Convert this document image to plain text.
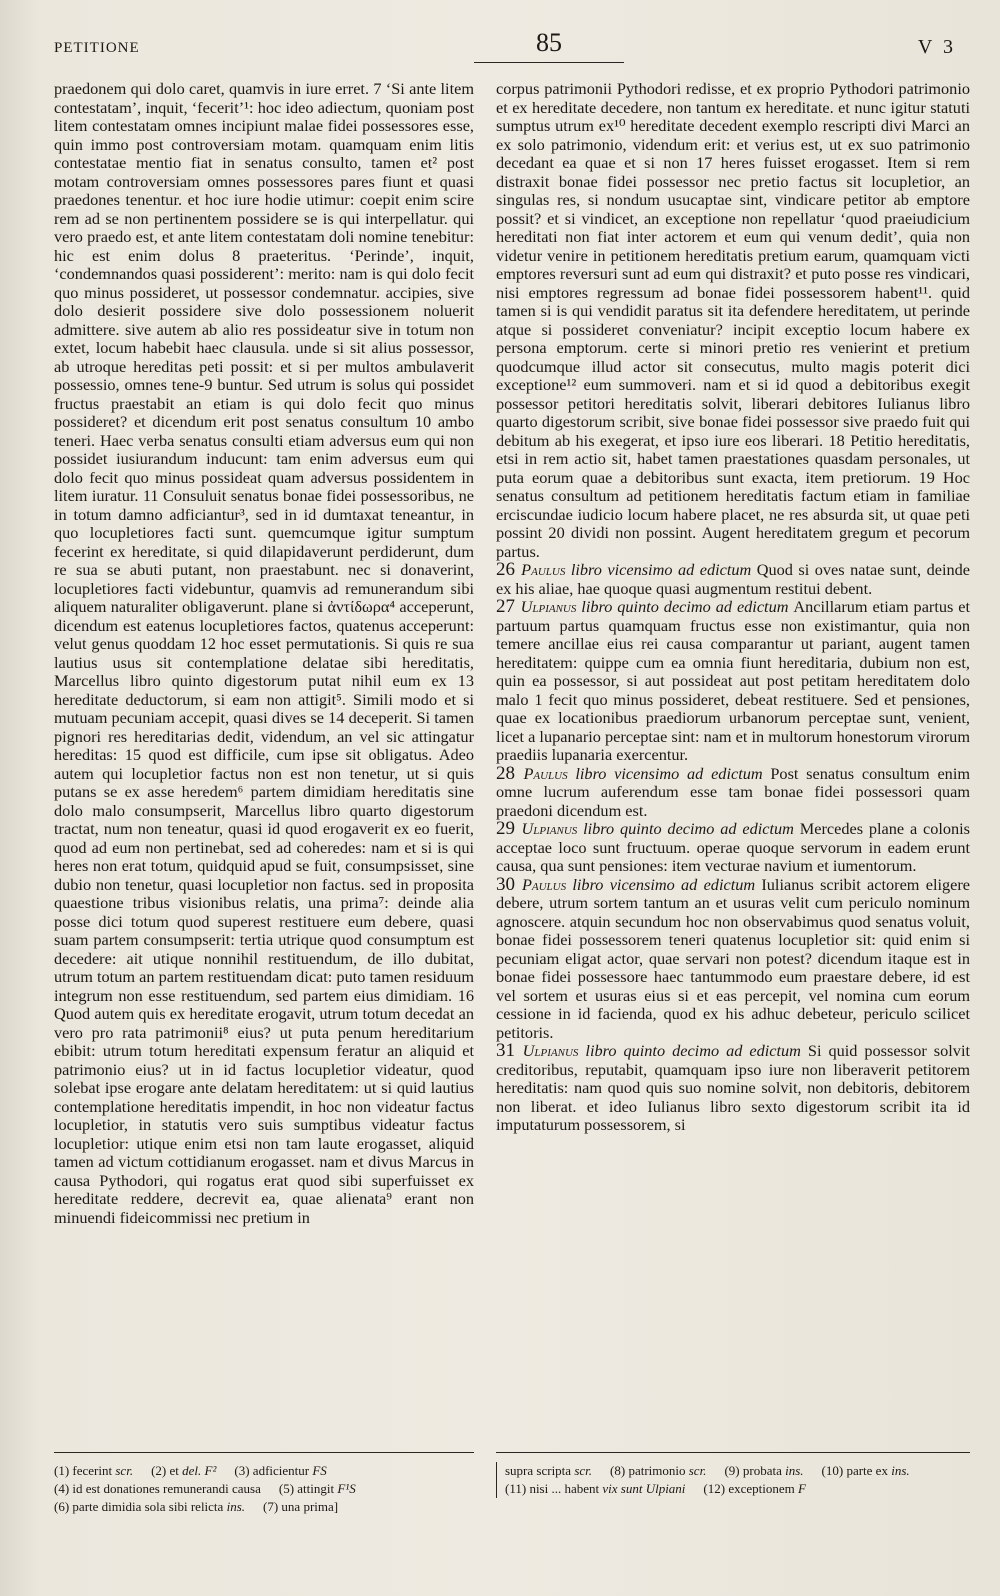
PETITIONE	85	V 3

praedonem qui dolo caret, quamvis in iure erret. 7 ‘Si ante litem contestatam’, inquit, ‘fecerit’¹: hoc ideo adiectum, quoniam post litem contestatam omnes incipiunt malae fidei possessores esse, quin immo post controversiam motam. quamquam enim litis contestatae mentio fiat in senatus consulto, tamen et² post motam controversiam omnes possessores pares fiunt et quasi praedones tenentur. et hoc iure hodie utimur: coepit enim scire rem ad se non pertinentem possidere se is qui interpellatur. qui vero praedo est, et ante litem contestatam doli nomine tenebitur: hic est enim dolus 8 praeteritus. ‘Perinde’, inquit, ‘condemnandos quasi possiderent’: merito: nam is qui dolo fecit quo minus possideret, ut possessor condemnatur. accipies, sive dolo desierit possidere sive dolo possessionem noluerit admittere. sive autem ab alio res possideatur sive in totum non extet, locum habebit haec clausula. unde si sit alius possessor, ab utroque hereditas peti possit: et si per multos ambulaverit possessio, omnes tene-9 buntur. Sed utrum is solus qui possidet fructus praestabit an etiam is qui dolo fecit quo minus possideret? et dicendum erit post senatus consultum 10 ambo teneri. Haec verba senatus consulti etiam adversus eum qui non possidet iusiurandum inducunt: tam enim adversus eum qui dolo fecit quo minus possideat quam adversus possidentem in litem iuratur. 11 Consuluit senatus bonae fidei possessoribus, ne in totum damno adficiantur³, sed in id dumtaxat teneantur, in quo locupletiores facti sunt. quemcumque igitur sumptum fecerint ex hereditate, si quid dilapidaverunt perdiderunt, dum re sua se abuti putant, non praestabunt. nec si donaverint, locupletiores facti videbuntur, quamvis ad remunerandum sibi aliquem naturaliter obligaverunt. plane si ἀντίδωρα⁴ acceperunt, dicendum est eatenus locupletiores factos, quatenus acceperunt: velut genus quoddam 12 hoc esset permutationis. Si quis re sua lautius usus sit contemplatione delatae sibi hereditatis, Marcellus libro quinto digestorum putat nihil eum ex 13 hereditate deductorum, si eam non attigit⁵. Simili modo et si mutuam pecuniam accepit, quasi dives se 14 deceperit. Si tamen pignori res hereditarias dedit, videndum, an vel sic attingatur hereditas: 15 quod est difficile, cum ipse sit obligatus. Adeo autem qui locupletior factus non est non tenetur, ut si quis putans se ex asse heredem⁶ partem dimidiam hereditatis sine dolo malo consumpserit, Marcellus libro quarto digestorum tractat, num non teneatur, quasi id quod erogaverit ex eo fuerit, quod ad eum non pertinebat, sed ad coheredes: nam et si is qui heres non erat totum, quidquid apud se fuit, consumpsisset, sine dubio non tenetur, quasi locupletior non factus. sed in proposita quaestione tribus visionibus relatis, una prima⁷: deinde alia posse dici totum quod superest restituere eum debere, quasi suam partem consumpserit: tertia utrique quod consumptum est decedere: ait utique nonnihil restituendum, de illo dubitat, utrum totum an partem restituendam dicat: puto tamen residuum integrum non esse restituendum, sed partem eius dimidiam. 16 Quod autem quis ex hereditate erogavit, utrum totum decedat an vero pro rata patrimonii⁸ eius? ut puta penum hereditarium ebibit: utrum totum hereditati expensum feratur an aliquid et patrimonio eius? ut in id factus locupletior videatur, quod solebat ipse erogare ante delatam hereditatem: ut si quid lautius contemplatione hereditatis impendit, in hoc non videatur factus locupletior, in statutis vero suis sumptibus videatur factus locupletior: utique enim etsi non tam laute erogasset, aliquid tamen ad victum cottidianum erogasset. nam et divus Marcus in causa Pythodori, qui rogatus erat quod sibi superfuisset ex hereditate reddere, decrevit ea, quae alienata⁹ erant non minuendi fideicommissi nec pretium in

corpus patrimonii Pythodori redisse, et ex proprio Pythodori patrimonio et ex hereditate decedere, non tantum ex hereditate. et nunc igitur statuti sumptus utrum ex¹⁰ hereditate decedent exemplo rescripti divi Marci an ex solo patrimonio, videndum erit: et verius est, ut ex suo patrimonio decedant ea quae et si non 17 heres fuisset erogasset. Item si rem distraxit bonae fidei possessor nec pretio factus sit locupletior, an singulas res, si nondum usucaptae sint, vindicare petitor ab emptore possit? et si vindicet, an exceptione non repellatur ‘quod praeiudicium hereditati non fiat inter actorem et eum qui venum dedit’, quia non videtur venire in petitionem hereditatis pretium earum, quamquam victi emptores reversuri sunt ad eum qui distraxit? et puto posse res vindicari, nisi emptores regressum ad bonae fidei possessorem habent¹¹. quid tamen si is qui vendidit paratus sit ita defendere hereditatem, ut perinde atque si possideret conveniatur? incipit exceptio locum habere ex persona emptorum. certe si minori pretio res venierint et pretium quodcumque illud actor sit consecutus, multo magis poterit dici exceptione¹² eum summoveri. nam et si id quod a debitoribus exegit possessor petitori hereditatis solvit, liberari debitores Iulianus libro quarto digestorum scribit, sive bonae fidei possessor sive praedo fuit qui debitum ab his exegerat, et ipso iure eos liberari. 18 Petitio hereditatis, etsi in rem actio sit, habet tamen praestationes quasdam personales, ut puta eorum quae a debitoribus sunt exacta, item pretiorum. 19 Hoc senatus consultum ad petitionem hereditatis factum etiam in familiae erciscundae iudicio locum habere placet, ne res absurda sit, ut quae peti possint 20 dividi non possint. Augent hereditatem gregum et pecorum partus.

26 Paulus libro vicensimo ad edictum Quod si oves natae sunt, deinde ex his aliae, hae quoque quasi augmentum restitui debent.

27 Ulpianus libro quinto decimo ad edictum Ancillarum etiam partus et partuum partus quamquam fructus esse non existimantur, quia non temere ancillae eius rei causa comparantur ut pariant, augent tamen hereditatem: quippe cum ea omnia fiunt hereditaria, dubium non est, quin ea possessor, si aut possideat aut post petitam hereditatem dolo malo 1 fecit quo minus possideret, debeat restituere. Sed et pensiones, quae ex locationibus praediorum urbanorum perceptae sunt, venient, licet a lupanario perceptae sint: nam et in multorum honestorum virorum praediis lupanaria exercentur.

28 Paulus libro vicensimo ad edictum Post senatus consultum enim omne lucrum auferendum esse tam bonae fidei possessori quam praedoni dicendum est.

29 Ulpianus libro quinto decimo ad edictum Mercedes plane a colonis acceptae loco sunt fructuum. operae quoque servorum in eadem erunt causa, qua sunt pensiones: item vecturae navium et iumentorum.

30 Paulus libro vicensimo ad edictum Iulianus scribit actorem eligere debere, utrum sortem tantum an et usuras velit cum periculo nominum agnoscere. atquin secundum hoc non observabimus quod senatus voluit, bonae fidei possessorem teneri quatenus locupletior sit: quid enim si pecuniam eligat actor, quae servari non potest? dicendum itaque est in bonae fidei possessore haec tantummodo eum praestare debere, id est vel sortem et usuras eius si et eas percepit, vel nomina cum eorum cessione in id facienda, quod ex his adhuc debeteur, periculo scilicet petitoris.

31 Ulpianus libro quinto decimo ad edictum Si quid possessor solvit creditoribus, reputabit, quamquam ipso iure non liberaverit petitorem hereditatis: nam quod quis suo nomine solvit, non debitoris, debitorem non liberat. et ideo Iulianus libro sexto digestorum scribit ita id imputaturum possessorem, si

(1) fecerint scr. (2) et del. F² (3) adficientur FS(4) id est donationes remunerandi causa(5) attingit F¹S(6) parte dimidia sola sibi relicta ins. (7) una prima]
supra scripta scr. (8) patrimonio scr. (9) probata ins. (10) parte ex ins.(11) nisi ... habent vix sunt Ulpiani (12) exceptionem F
